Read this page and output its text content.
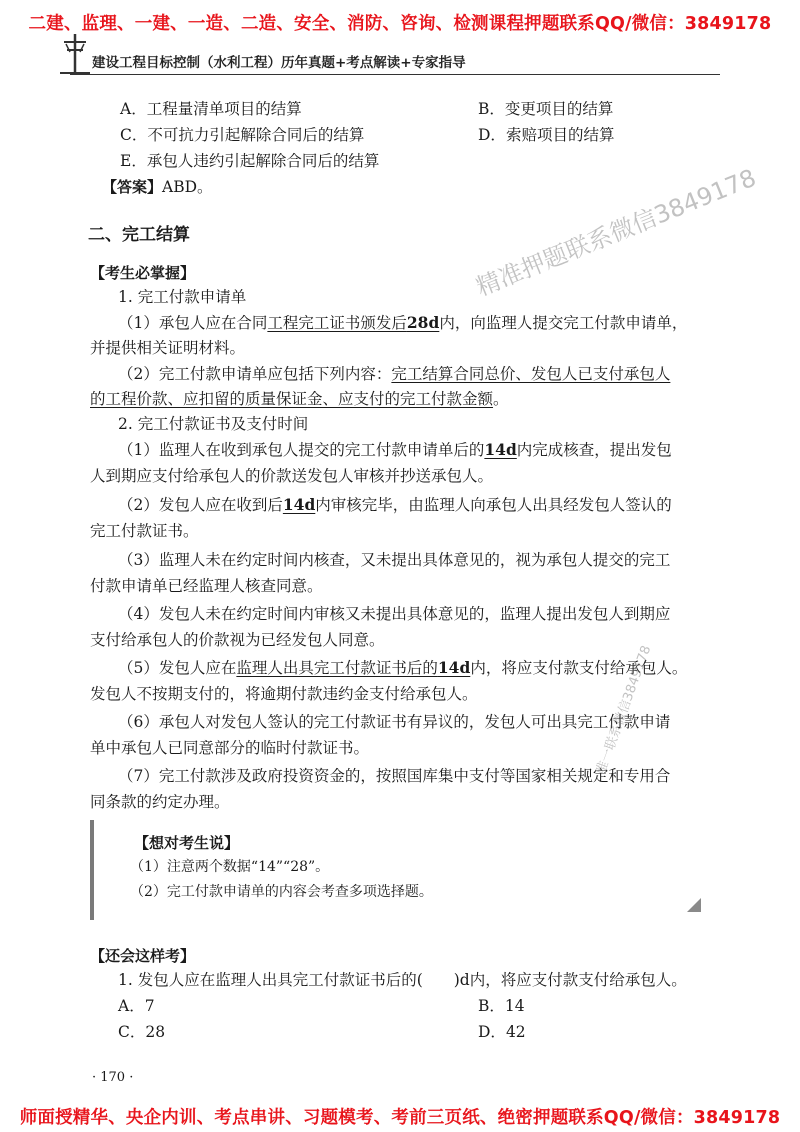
二建、监理、一建、一造、二造、安全、消防、咨询、检测课程押题联系QQ/微信：3849178
建设工程目标控制（水利工程）历年真题+考点解读+专家指导
A．工程量清单项目的结算	B．变更项目的结算
C．不可抗力引起解除合同后的结算	D．索赔项目的结算
E．承包人违约引起解除合同后的结算
【答案】ABD。
二、完工结算
【考生必掌握】
1. 完工付款申请单
（1）承包人应在合同工程完工证书颁发后28d内，向监理人提交完工付款申请单，
并提供相关证明材料。
（2）完工付款申请单应包括下列内容：完工结算合同总价、发包人已支付承包人
的工程价款、应扣留的质量保证金、应支付的完工付款金额。
2. 完工付款证书及支付时间
（1）监理人在收到承包人提交的完工付款申请单后的14d内完成核查，提出发包
人到期应支付给承包人的价款送发包人审核并抄送承包人。
（2）发包人应在收到后14d内审核完毕，由监理人向承包人出具经发包人签认的
完工付款证书。
（3）监理人未在约定时间内核查，又未提出具体意见的，视为承包人提交的完工
付款申请单已经监理人核查同意。
（4）发包人未在约定时间内审核又未提出具体意见的，监理人提出发包人到期应
支付给承包人的价款视为已经发包人同意。
（5）发包人应在监理人出具完工付款证书后的14d内，将应支付款支付给承包人。
发包人不按期支付的，将逾期付款违约金支付给承包人。
（6）承包人对发包人签认的完工付款证书有异议的，发包人可出具完工付款申请
单中承包人已同意部分的临时付款证书。
（7）完工付款涉及政府投资资金的，按照国库集中支付等国家相关规定和专用合
同条款的约定办理。
【想对考生说】
（1）注意两个数据“14”“28”。
（2）完工付款申请单的内容会考查多项选择题。
【还会这样考】
1. 发包人应在监理人出具完工付款证书后的(　　)d内，将应支付款支付给承包人。
A．7	B．14
C．28	D．42
· 170 ·
师面授精华、央企内训、考点串讲、习题模考、考前三页纸、绝密押题联系QQ/微信：3849178
精准押题联系微信3849178
唯一联系微信3849178
